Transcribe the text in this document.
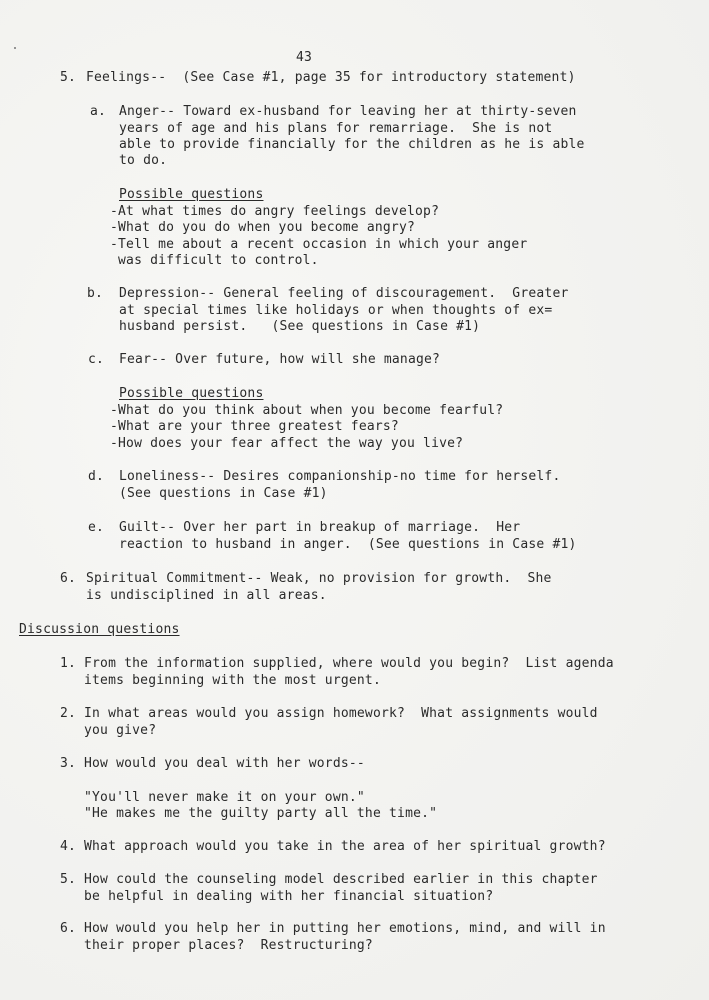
43
5. Feelings--  (See Case #1, page 35 for introductory statement)
a. Anger-- Toward ex-husband for leaving her at thirty-seven
years of age and his plans for remarriage.  She is not
able to provide financially for the children as he is able
to do.
Possible questions
-At what times do angry feelings develop?
-What do you do when you become angry?
-Tell me about a recent occasion in which your anger
was difficult to control.
b. Depression-- General feeling of discouragement.  Greater
at special times like holidays or when thoughts of ex=
husband persist.   (See questions in Case #1)
c. Fear-- Over future, how will she manage?
Possible questions
-What do you think about when you become fearful?
-What are your three greatest fears?
-How does your fear affect the way you live?
d. Loneliness-- Desires companionship-no time for herself.
(See questions in Case #1)
e. Guilt-- Over her part in breakup of marriage.  Her
reaction to husband in anger.  (See questions in Case #1)
6. Spiritual Commitment-- Weak, no provision for growth.  She
is undisciplined in all areas.
Discussion questions
1. From the information supplied, where would you begin?  List agenda
items beginning with the most urgent.
2. In what areas would you assign homework?  What assignments would
you give?
3. How would you deal with her words--
"You'll never make it on your own."
"He makes me the guilty party all the time."
4. What approach would you take in the area of her spiritual growth?
5. How could the counseling model described earlier in this chapter
be helpful in dealing with her financial situation?
6. How would you help her in putting her emotions, mind, and will in
their proper places?  Restructuring?
